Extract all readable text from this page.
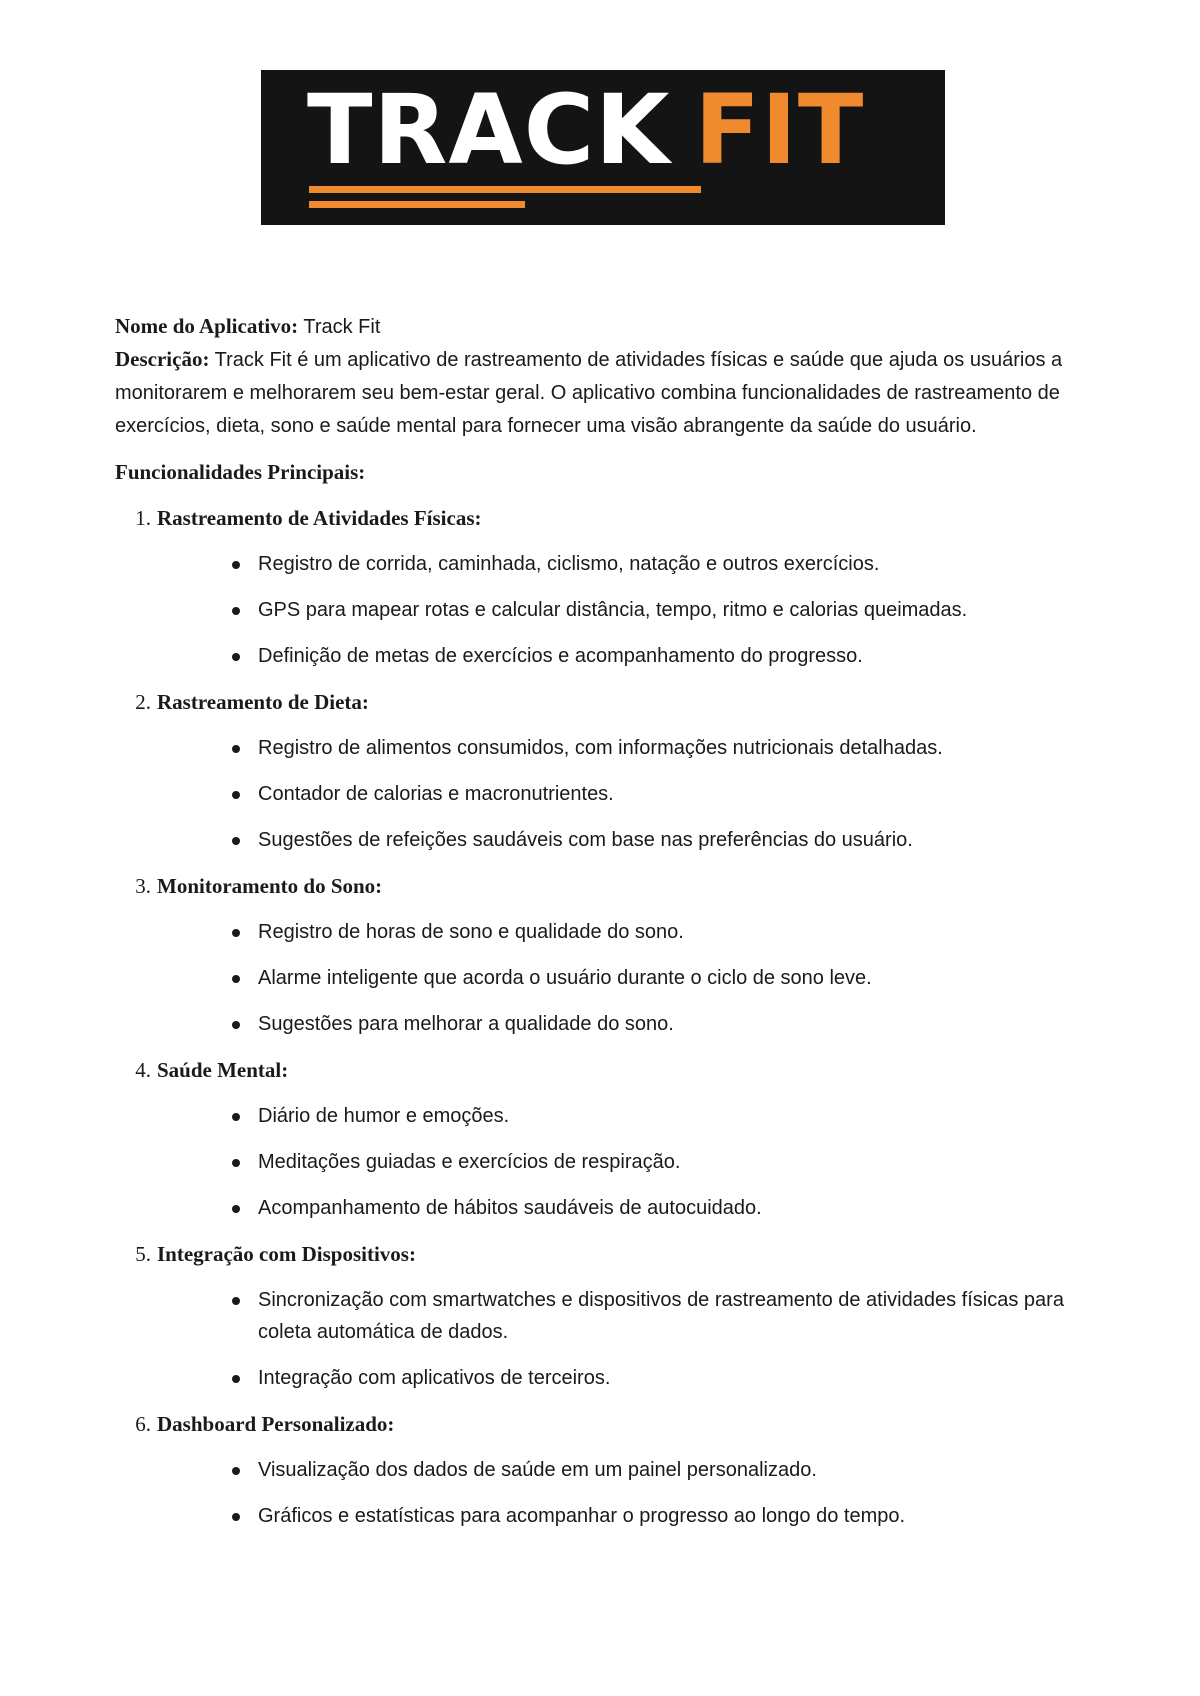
TRACK FIT

Nome do Aplicativo: Track Fit

Descrição: Track Fit é um aplicativo de rastreamento de atividades físicas e saúde que ajuda os usuários a monitorarem e melhorarem seu bem-estar geral. O aplicativo combina funcionalidades de rastreamento de exercícios, dieta, sono e saúde mental para fornecer uma visão abrangente da saúde do usuário.

Funcionalidades Principais:

1. Rastreamento de Atividades Físicas:
Registro de corrida, caminhada, ciclismo, natação e outros exercícios.
GPS para mapear rotas e calcular distância, tempo, ritmo e calorias queimadas.
Definição de metas de exercícios e acompanhamento do progresso.
2. Rastreamento de Dieta:
Registro de alimentos consumidos, com informações nutricionais detalhadas.
Contador de calorias e macronutrientes.
Sugestões de refeições saudáveis com base nas preferências do usuário.
3. Monitoramento do Sono:
Registro de horas de sono e qualidade do sono.
Alarme inteligente que acorda o usuário durante o ciclo de sono leve.
Sugestões para melhorar a qualidade do sono.
4. Saúde Mental:
Diário de humor e emoções.
Meditações guiadas e exercícios de respiração.
Acompanhamento de hábitos saudáveis de autocuidado.
5. Integração com Dispositivos:
Sincronização com smartwatches e dispositivos de rastreamento de atividades físicas para coleta automática de dados.
Integração com aplicativos de terceiros.
6. Dashboard Personalizado:
Visualização dos dados de saúde em um painel personalizado.
Gráficos e estatísticas para acompanhar o progresso ao longo do tempo.
